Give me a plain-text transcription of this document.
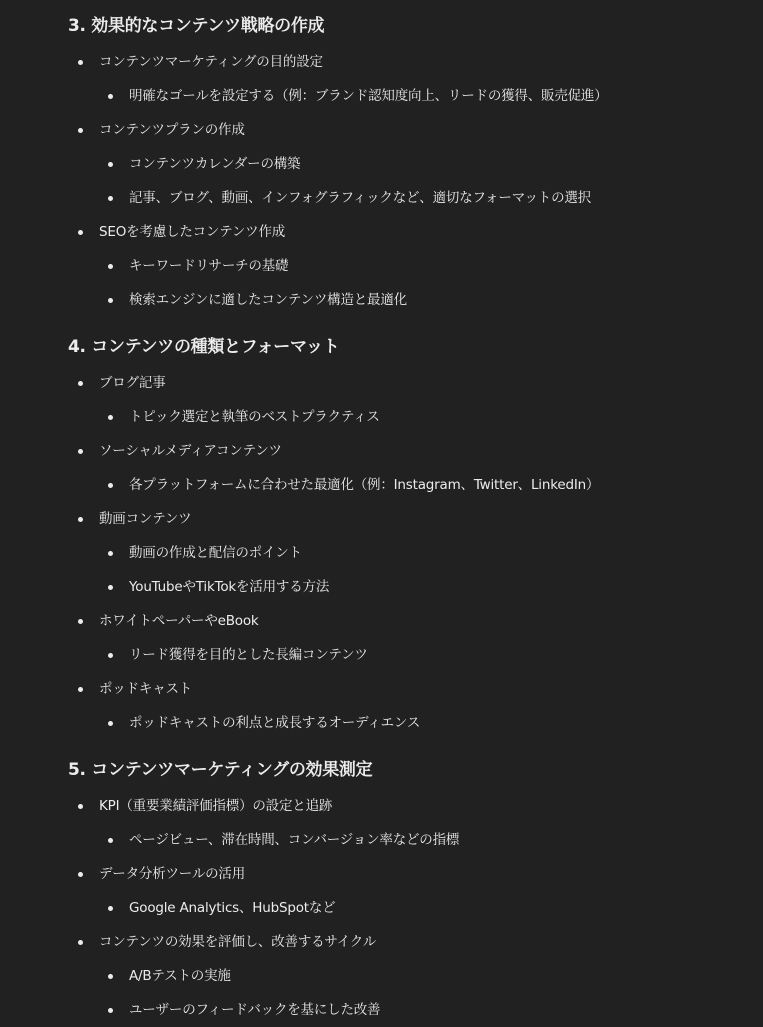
3. 効果的なコンテンツ戦略の作成
コンテンツマーケティングの目的設定
明確なゴールを設定する（例：ブランド認知度向上、リードの獲得、販売促進）
コンテンツプランの作成
コンテンツカレンダーの構築
記事、ブログ、動画、インフォグラフィックなど、適切なフォーマットの選択
SEOを考慮したコンテンツ作成
キーワードリサーチの基礎
検索エンジンに適したコンテンツ構造と最適化
4. コンテンツの種類とフォーマット
ブログ記事
トピック選定と執筆のベストプラクティス
ソーシャルメディアコンテンツ
各プラットフォームに合わせた最適化（例：Instagram、Twitter、LinkedIn）
動画コンテンツ
動画の作成と配信のポイント
YouTubeやTikTokを活用する方法
ホワイトペーパーやeBook
リード獲得を目的とした長編コンテンツ
ポッドキャスト
ポッドキャストの利点と成長するオーディエンス
5. コンテンツマーケティングの効果測定
KPI（重要業績評価指標）の設定と追跡
ページビュー、滞在時間、コンバージョン率などの指標
データ分析ツールの活用
Google Analytics、HubSpotなど
コンテンツの効果を評価し、改善するサイクル
A/Bテストの実施
ユーザーのフィードバックを基にした改善
